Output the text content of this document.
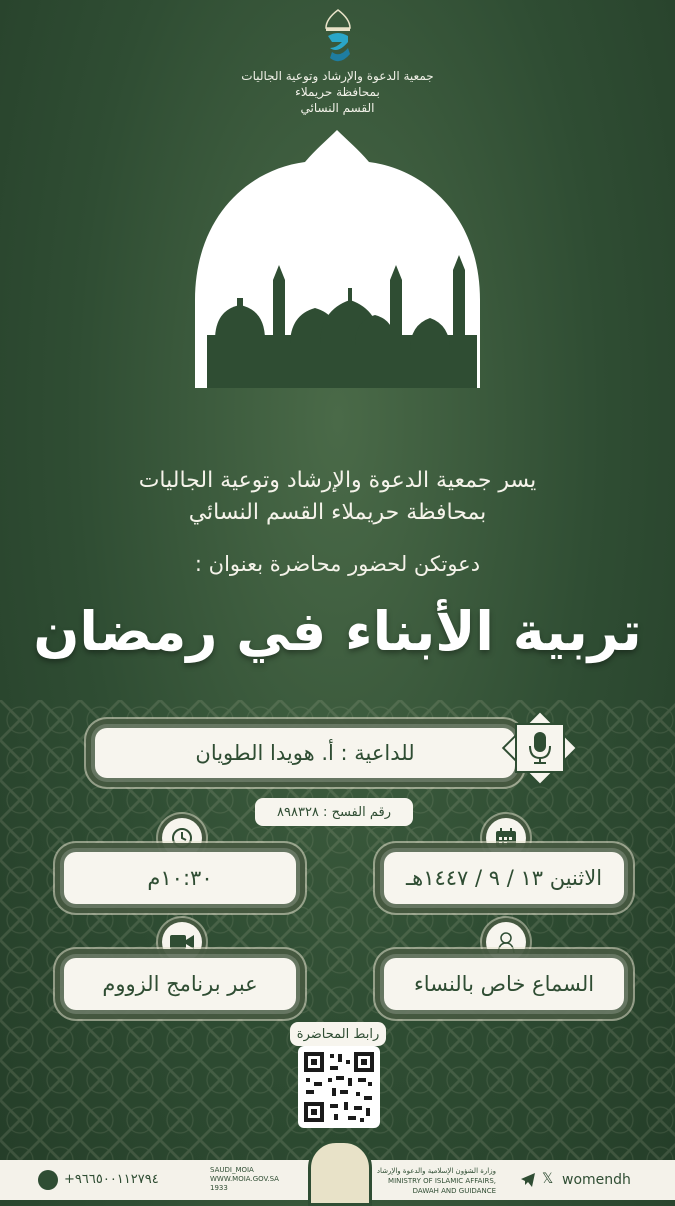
جمعية الدعوة والإرشاد وتوعية الجاليات
بمحافظة حريملاء
القسم النسائي
يسر جمعية الدعوة والإرشاد وتوعية الجاليات
بمحافظة حريملاء القسم النسائي
دعوتكن لحضور محاضرة بعنوان :
تربية الأبناء في رمضان
للداعية : أ. هويدا الطويان
رقم الفسح : ٨٩٨٣٢٨
الاثنين ١٣ / ٩ / ١٤٤٧هـ
١٠:٣٠م
السماع خاص بالنساء
عبر برنامج الزووم
رابط المحاضرة
+٩٦٦٥٠٠١١٢٧٩٤
SAUDI_MOIA
WWW.MOIA.GOV.SA
1933
وزارة الشؤون الإسلامية والدعوة والإرشاد
MINISTRY OF ISLAMIC AFFAIRS, DAWAH AND GUIDANCE
𝕏 womendh
